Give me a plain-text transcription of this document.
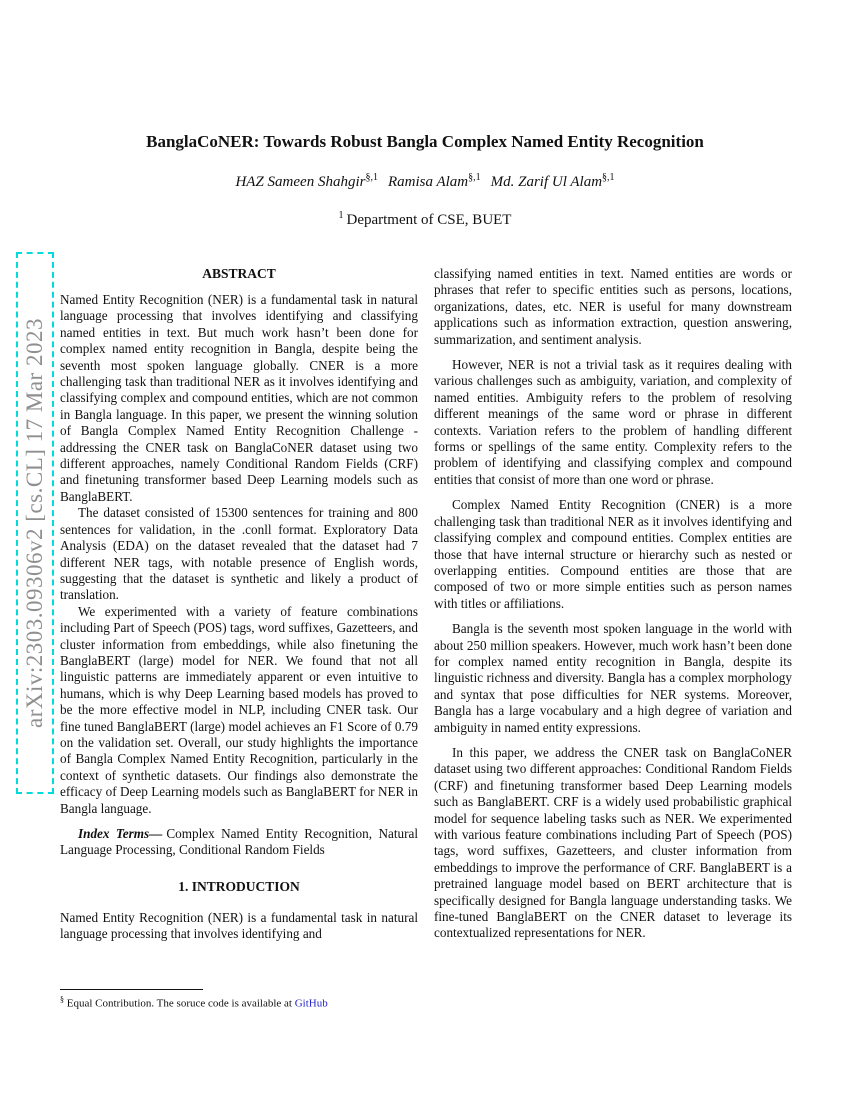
arXiv:2303.09306v2 [cs.CL] 17 Mar 2023
BanglaCoNER: Towards Robust Bangla Complex Named Entity Recognition
HAZ Sameen Shahgir$^{\S,1}$ Ramisa Alam$^{\S,1}$ Md. Zarif Ul Alam$^{\S,1}$
$^1$ Department of CSE, BUET
ABSTRACT

Named Entity Recognition (NER) is a fundamental task in natural language processing that involves identifying and classifying named entities in text. But much work hasn’t been done for complex named entity recognition in Bangla, despite being the seventh most spoken language globally. CNER is a more challenging task than traditional NER as it involves identifying and classifying complex and compound entities, which are not common in Bangla language. In this paper, we present the winning solution of Bangla Complex Named Entity Recognition Challenge - addressing the CNER task on BanglaCoNER dataset using two different approaches, namely Conditional Random Fields (CRF) and finetuning transformer based Deep Learning models such as BanglaBERT.

The dataset consisted of 15300 sentences for training and 800 sentences for validation, in the .conll format. Exploratory Data Analysis (EDA) on the dataset revealed that the dataset had 7 different NER tags, with notable presence of English words, suggesting that the dataset is synthetic and likely a product of translation.

We experimented with a variety of feature combinations including Part of Speech (POS) tags, word suffixes, Gazetteers, and cluster information from embeddings, while also finetuning the BanglaBERT (large) model for NER. We found that not all linguistic patterns are immediately apparent or even intuitive to humans, which is why Deep Learning based models has proved to be the more effective model in NLP, including CNER task. Our fine tuned BanglaBERT (large) model achieves an F1 Score of 0.79 on the validation set. Overall, our study highlights the importance of Bangla Complex Named Entity Recognition, particularly in the context of synthetic datasets. Our findings also demonstrate the efficacy of Deep Learning models such as BanglaBERT for NER in Bangla language.

Index Terms— Complex Named Entity Recognition, Natural Language Processing, Conditional Random Fields

1. INTRODUCTION

Named Entity Recognition (NER) is a fundamental task in natural language processing that involves identifying and

§ Equal Contribution. The soruce code is available at GitHub

classifying named entities in text. Named entities are words or phrases that refer to specific entities such as persons, locations, organizations, dates, etc. NER is useful for many downstream applications such as information extraction, question answering, summarization, and sentiment analysis.

However, NER is not a trivial task as it requires dealing with various challenges such as ambiguity, variation, and complexity of named entities. Ambiguity refers to the problem of resolving different meanings of the same word or phrase in different contexts. Variation refers to the problem of handling different forms or spellings of the same entity. Complexity refers to the problem of identifying and classifying complex and compound entities that consist of more than one word or phrase.

Complex Named Entity Recognition (CNER) is a more challenging task than traditional NER as it involves identifying and classifying complex and compound entities. Complex entities are those that have internal structure or hierarchy such as nested or overlapping entities. Compound entities are those that are composed of two or more simple entities such as person names with titles or affiliations.

Bangla is the seventh most spoken language in the world with about 250 million speakers. However, much work hasn’t been done for complex named entity recognition in Bangla, despite its linguistic richness and diversity. Bangla has a complex morphology and syntax that pose difficulties for NER systems. Moreover, Bangla has a large vocabulary and a high degree of variation and ambiguity in named entity expressions.

In this paper, we address the CNER task on BanglaCoNER dataset using two different approaches: Conditional Random Fields (CRF) and finetuning transformer based Deep Learning models such as BanglaBERT. CRF is a widely used probabilistic graphical model for sequence labeling tasks such as NER. We experimented with various feature combinations including Part of Speech (POS) tags, word suffixes, Gazetteers, and cluster information from embeddings to improve the performance of CRF. BanglaBERT is a pretrained language model based on BERT architecture that is specifically designed for Bangla language understanding tasks. We fine-tuned BanglaBERT on the CNER dataset to leverage its contextualized representations for NER.
